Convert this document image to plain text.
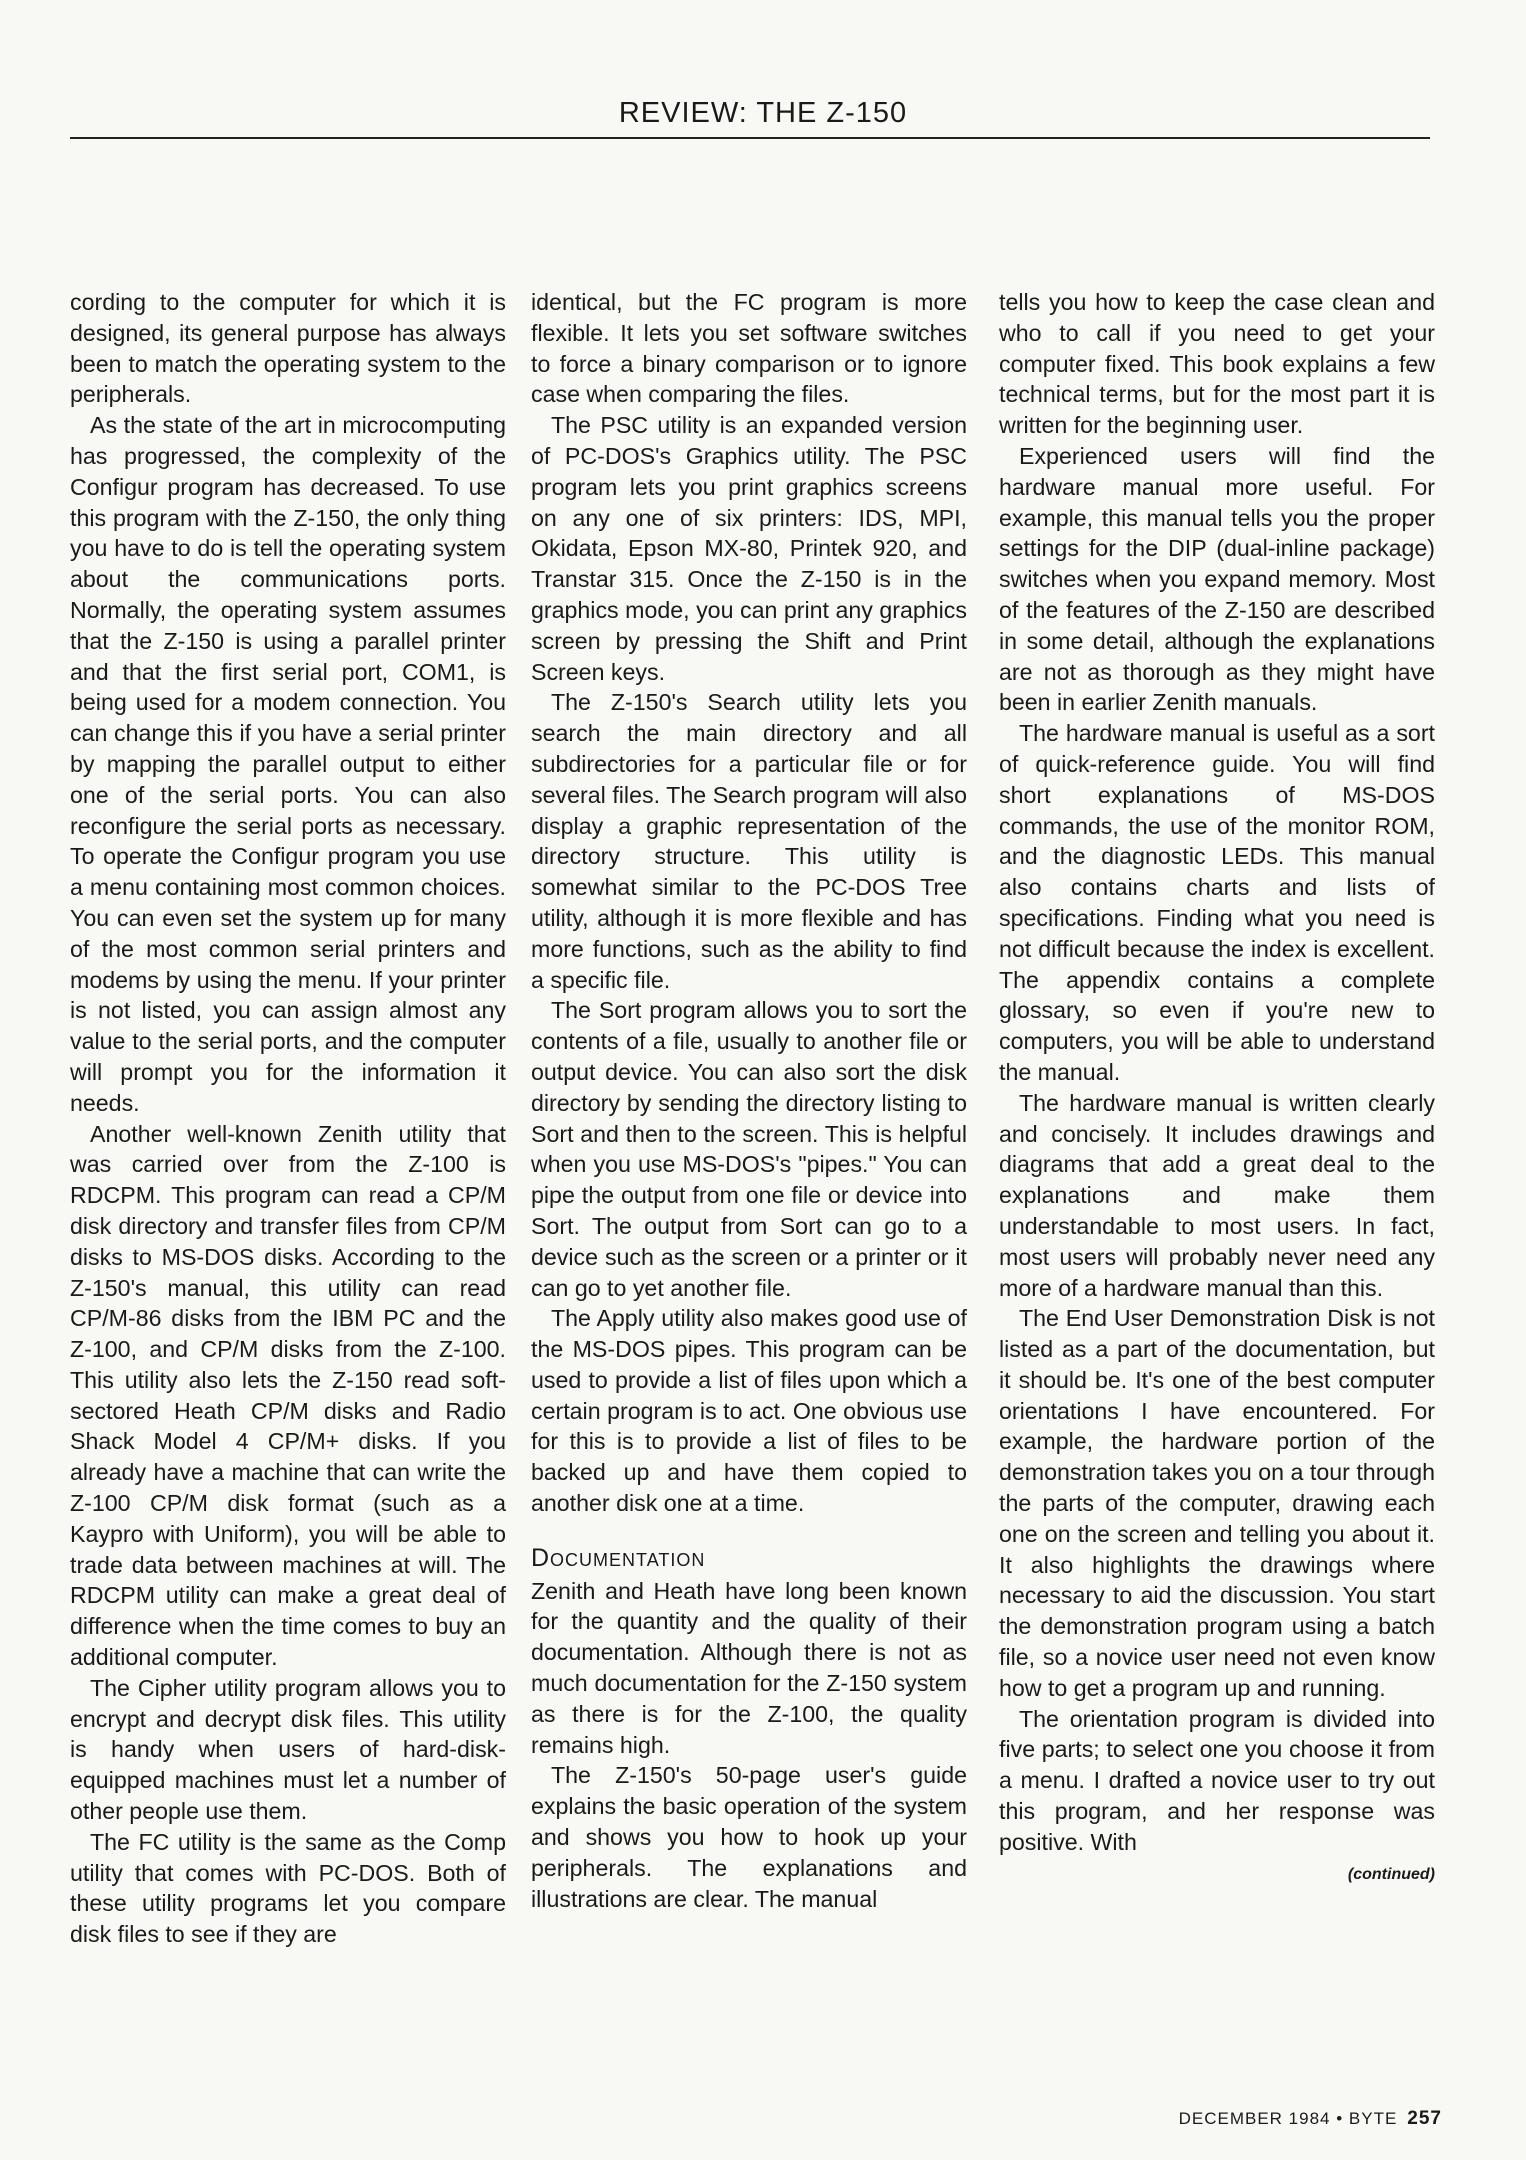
REVIEW: THE Z-150

cording to the computer for which it is designed, its general purpose has always been to match the operating system to the peripherals.

As the state of the art in microcomputing has progressed, the complexity of the Configur program has decreased. To use this program with the Z-150, the only thing you have to do is tell the operating system about the communications ports. Normally, the operating system assumes that the Z-150 is using a parallel printer and that the first serial port, COM1, is being used for a modem connection. You can change this if you have a serial printer by mapping the parallel output to either one of the serial ports. You can also reconfigure the serial ports as necessary. To operate the Configur program you use a menu containing most common choices. You can even set the system up for many of the most common serial printers and modems by using the menu. If your printer is not listed, you can assign almost any value to the serial ports, and the computer will prompt you for the information it needs.

Another well-known Zenith utility that was carried over from the Z-100 is RDCPM. This program can read a CP/M disk directory and transfer files from CP/M disks to MS-DOS disks. According to the Z-150's manual, this utility can read CP/M-86 disks from the IBM PC and the Z-100, and CP/M disks from the Z-100. This utility also lets the Z-150 read soft-sectored Heath CP/M disks and Radio Shack Model 4 CP/M+ disks. If you already have a machine that can write the Z-100 CP/M disk format (such as a Kaypro with Uniform), you will be able to trade data between machines at will. The RDCPM utility can make a great deal of difference when the time comes to buy an additional computer.

The Cipher utility program allows you to encrypt and decrypt disk files. This utility is handy when users of hard-disk-equipped machines must let a number of other people use them.

The FC utility is the same as the Comp utility that comes with PC-DOS. Both of these utility programs let you compare disk files to see if they are

identical, but the FC program is more flexible. It lets you set software switches to force a binary comparison or to ignore case when comparing the files.

The PSC utility is an expanded version of PC-DOS's Graphics utility. The PSC program lets you print graphics screens on any one of six printers: IDS, MPI, Okidata, Epson MX-80, Printek 920, and Transtar 315. Once the Z-150 is in the graphics mode, you can print any graphics screen by pressing the Shift and Print Screen keys.

The Z-150's Search utility lets you search the main directory and all subdirectories for a particular file or for several files. The Search program will also display a graphic representation of the directory structure. This utility is somewhat similar to the PC-DOS Tree utility, although it is more flexible and has more functions, such as the ability to find a specific file.

The Sort program allows you to sort the contents of a file, usually to another file or output device. You can also sort the disk directory by sending the directory listing to Sort and then to the screen. This is helpful when you use MS-DOS's "pipes." You can pipe the output from one file or device into Sort. The output from Sort can go to a device such as the screen or a printer or it can go to yet another file.

The Apply utility also makes good use of the MS-DOS pipes. This program can be used to provide a list of files upon which a certain program is to act. One obvious use for this is to provide a list of files to be backed up and have them copied to another disk one at a time.

Documentation

Zenith and Heath have long been known for the quantity and the quality of their documentation. Although there is not as much documentation for the Z-150 system as there is for the Z-100, the quality remains high.

The Z-150's 50-page user's guide explains the basic operation of the system and shows you how to hook up your peripherals. The explanations and illustrations are clear. The manual

tells you how to keep the case clean and who to call if you need to get your computer fixed. This book explains a few technical terms, but for the most part it is written for the beginning user.

Experienced users will find the hardware manual more useful. For example, this manual tells you the proper settings for the DIP (dual-inline package) switches when you expand memory. Most of the features of the Z-150 are described in some detail, although the explanations are not as thorough as they might have been in earlier Zenith manuals.

The hardware manual is useful as a sort of quick-reference guide. You will find short explanations of MS-DOS commands, the use of the monitor ROM, and the diagnostic LEDs. This manual also contains charts and lists of specifications. Finding what you need is not difficult because the index is excellent. The appendix contains a complete glossary, so even if you're new to computers, you will be able to understand the manual.

The hardware manual is written clearly and concisely. It includes drawings and diagrams that add a great deal to the explanations and make them understandable to most users. In fact, most users will probably never need any more of a hardware manual than this.

The End User Demonstration Disk is not listed as a part of the documentation, but it should be. It's one of the best computer orientations I have encountered. For example, the hardware portion of the demonstration takes you on a tour through the parts of the computer, drawing each one on the screen and telling you about it. It also highlights the drawings where necessary to aid the discussion. You start the demonstration program using a batch file, so a novice user need not even know how to get a program up and running.

The orientation program is divided into five parts; to select one you choose it from a menu. I drafted a novice user to try out this program, and her response was positive. With

(continued)
DECEMBER 1984 • BYTE 257
